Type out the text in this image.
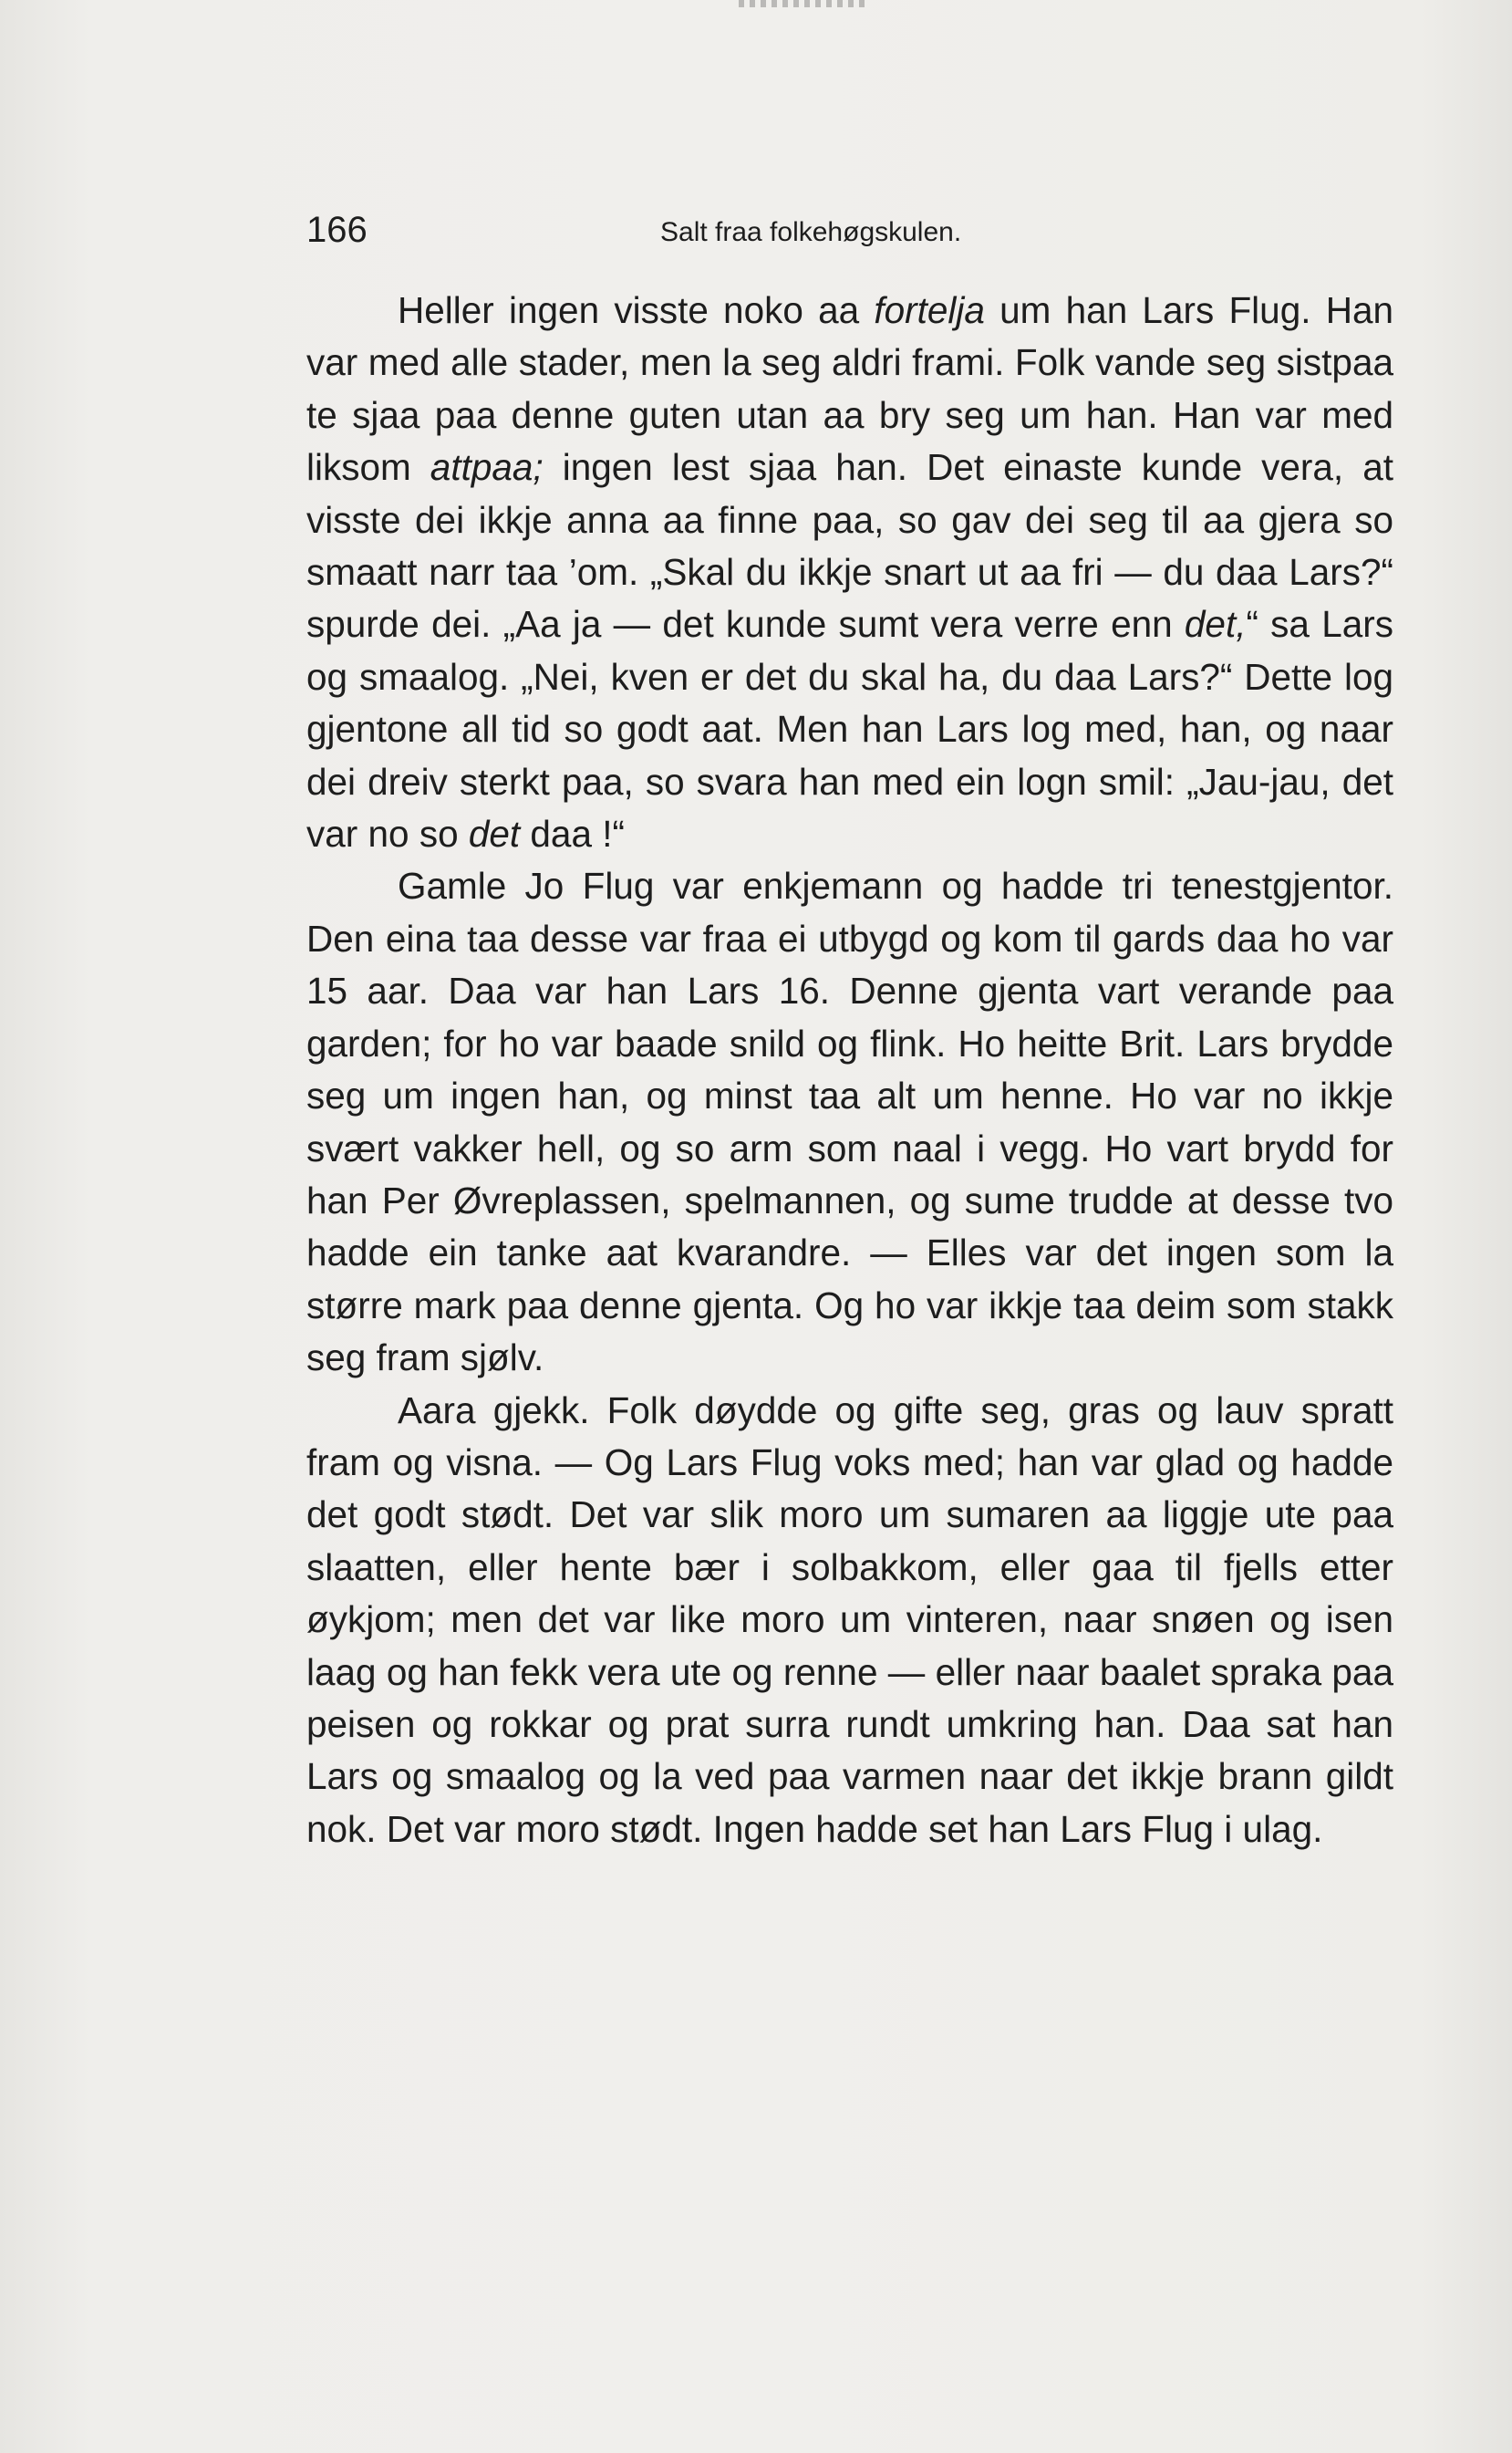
166	Salt fraa folkehøgskulen.

Heller ingen visste noko aa fortelja um han Lars Flug. Han var med alle stader, men la seg aldri frami. Folk vande seg sistpaa te sjaa paa denne guten utan aa bry seg um han. Han var med liksom attpaa; ingen lest sjaa han. Det einaste kunde vera, at visste dei ikkje anna aa finne paa, so gav dei seg til aa gjera so smaatt narr taa ’om. „Skal du ikkje snart ut aa fri — du daa Lars?“ spurde dei. „Aa ja — det kunde sumt vera verre enn det,“ sa Lars og smaalog. „Nei, kven er det du skal ha, du daa Lars?“ Dette log gjentone all tid so godt aat. Men han Lars log med, han, og naar dei dreiv sterkt paa, so svara han med ein logn smil: „Jau-jau, det var no so det daa !“

Gamle Jo Flug var enkjemann og hadde tri tenestgjentor. Den eina taa desse var fraa ei utbygd og kom til gards daa ho var 15 aar. Daa var han Lars 16. Denne gjenta vart verande paa garden; for ho var baade snild og flink. Ho heitte Brit. Lars brydde seg um ingen han, og minst taa alt um henne. Ho var no ikkje svært vakker hell, og so arm som naal i vegg. Ho vart brydd for han Per Øvreplassen, spelmannen, og sume trudde at desse tvo hadde ein tanke aat kvarandre. — Elles var det ingen som la større mark paa denne gjenta. Og ho var ikkje taa deim som stakk seg fram sjølv.

Aara gjekk. Folk døydde og gifte seg, gras og lauv spratt fram og visna. — Og Lars Flug voks med; han var glad og hadde det godt stødt. Det var slik moro um sumaren aa liggje ute paa slaatten, eller hente bær i solbakkom, eller gaa til fjells etter øykjom; men det var like moro um vinteren, naar snøen og isen laag og han fekk vera ute og renne — eller naar baalet spraka paa peisen og rokkar og prat surra rundt umkring han. Daa sat han Lars og smaalog og la ved paa varmen naar det ikkje brann gildt nok. Det var moro stødt. Ingen hadde set han Lars Flug i ulag.
